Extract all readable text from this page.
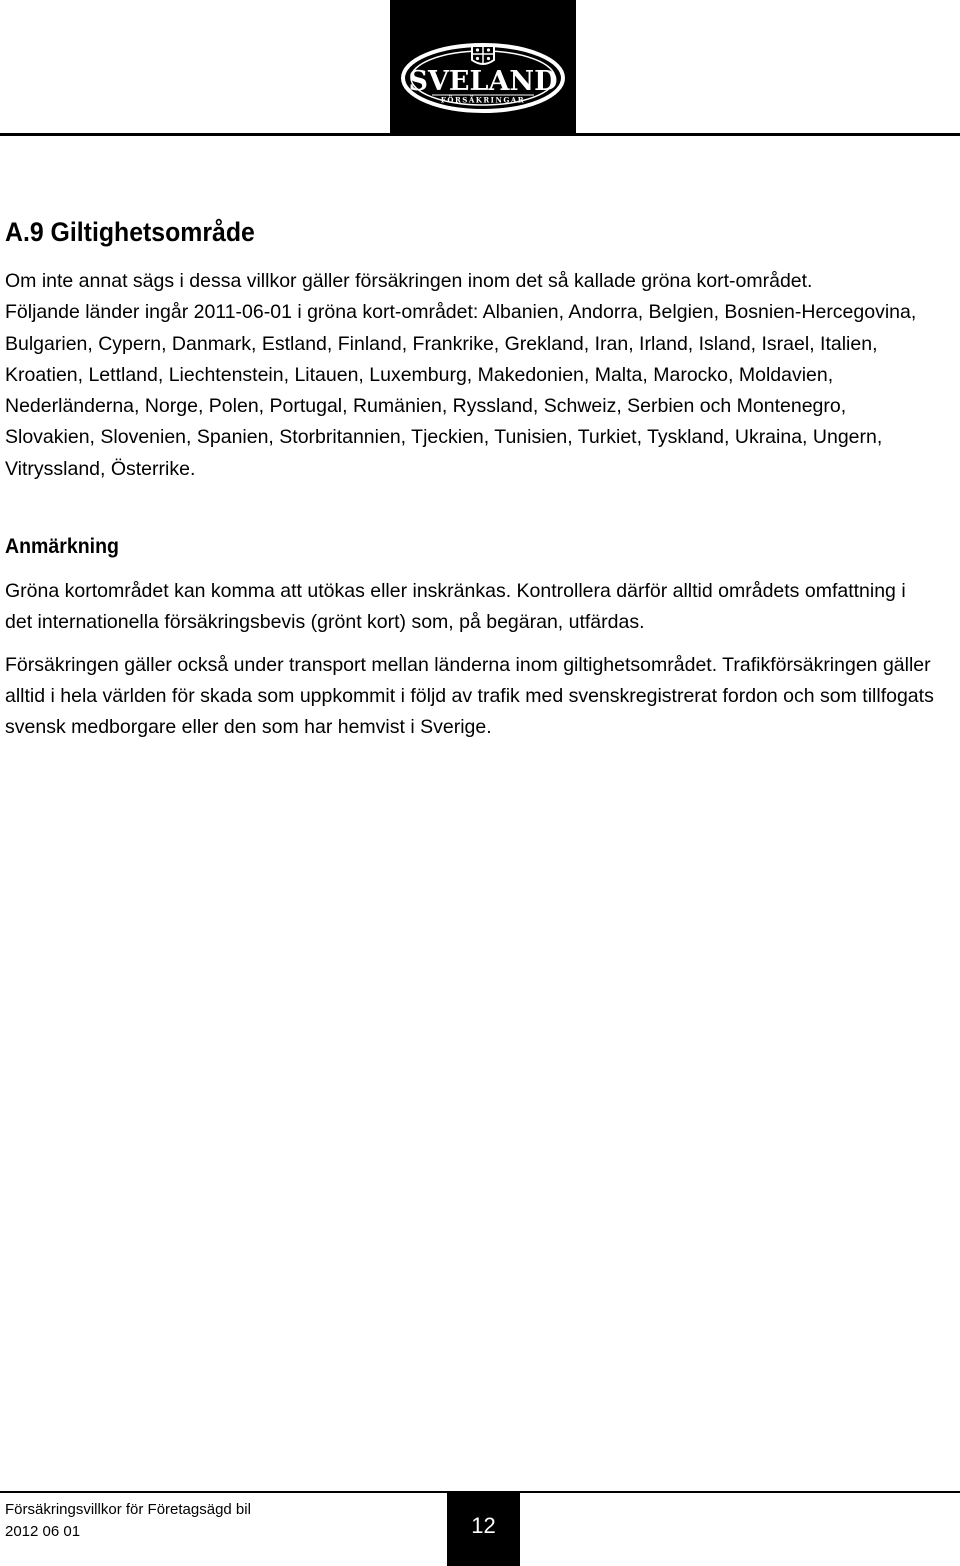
SVELAND
FÖRSÄKRINGAR
A.9 Giltighetsområde

Om inte annat sägs i dessa villkor gäller försäkringen inom det så kallade gröna kort-området.

Följande länder ingår 2011-06-01 i gröna kort-området: Albanien, Andorra, Belgien, Bosnien-Hercegovina, Bulgarien, Cypern, Danmark, Estland, Finland, Frankrike, Grekland, Iran, Irland, Island, Israel, Italien, Kroatien, Lettland, Liechtenstein, Litauen, Luxemburg, Makedonien, Malta, Marocko, Moldavien, Nederländerna, Norge, Polen, Portugal, Rumänien, Ryssland, Schweiz, Serbien och Montenegro, Slovakien, Slovenien, Spanien, Storbritannien, Tjeckien, Tunisien, Turkiet, Tyskland, Ukraina, Ungern, Vitryssland, Österrike.

Anmärkning

Gröna kortområdet kan komma att utökas eller inskränkas. Kontrollera därför alltid områdets omfattning i det internationella försäkringsbevis (grönt kort) som, på begäran, utfärdas.

Försäkringen gäller också under transport mellan länderna inom giltighetsområdet. Trafikförsäkringen gäller alltid i hela världen för skada som uppkommit i följd av trafik med svenskregistrerat fordon och som tillfogats svensk medborgare eller den som har hemvist i Sverige.

Försäkringsvillkor för Företagsägd bil
2012 06 01	12
